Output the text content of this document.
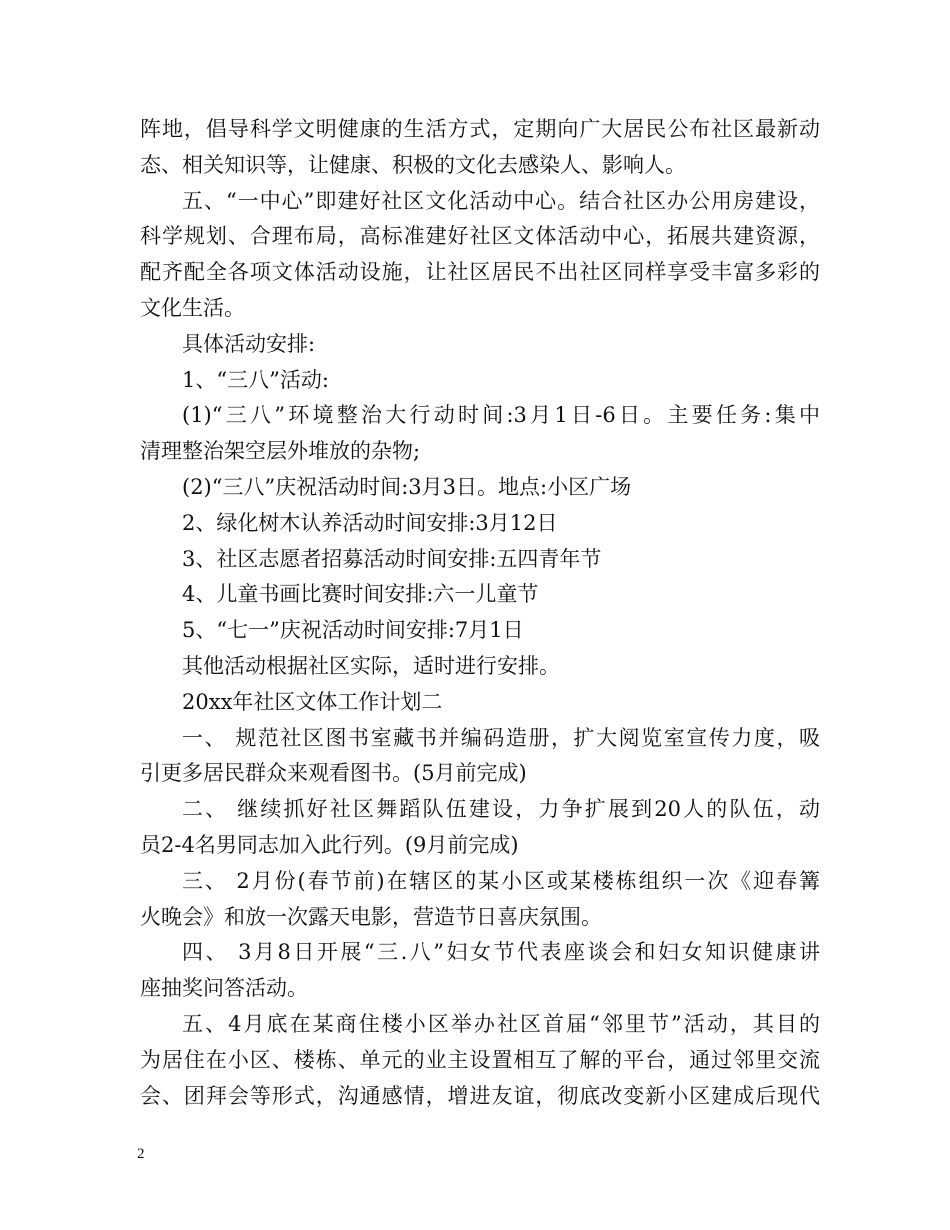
阵地，倡导科学文明健康的生活方式，定期向广大居民公布社区最新动
态、相关知识等，让健康、积极的文化去感染人、影响人。
五、“一中心”即建好社区文化活动中心。结合社区办公用房建设，
科学规划、合理布局，高标准建好社区文体活动中心，拓展共建资源，
配齐配全各项文体活动设施，让社区居民不出社区同样享受丰富多彩的
文化生活。
具体活动安排:
1、“三八”活动:
(1)“三八”环境整治大行动时间:3月1日-6日。主要任务:集中
清理整治架空层外堆放的杂物;
(2)“三八”庆祝活动时间:3月3日。地点:小区广场
2、绿化树木认养活动时间安排:3月12日
3、社区志愿者招募活动时间安排:五四青年节
4、儿童书画比赛时间安排:六一儿童节
5、“七一”庆祝活动时间安排:7月1日
其他活动根据社区实际，适时进行安排。
20xx年社区文体工作计划二
一、 规范社区图书室藏书并编码造册，扩大阅览室宣传力度，吸
引更多居民群众来观看图书。(5月前完成)
二、 继续抓好社区舞蹈队伍建设，力争扩展到20人的队伍，动
员2-4名男同志加入此行列。(9月前完成)
三、 2月份(春节前)在辖区的某小区或某楼栋组织一次《迎春篝
火晚会》和放一次露天电影，营造节日喜庆氛围。
四、 3月8日开展“三.八”妇女节代表座谈会和妇女知识健康讲
座抽奖问答活动。
五、4月底在某商住楼小区举办社区首届“邻里节”活动，其目的
为居住在小区、楼栋、单元的业主设置相互了解的平台，通过邻里交流
会、团拜会等形式，沟通感情，增进友谊，彻底改变新小区建成后现代
2
